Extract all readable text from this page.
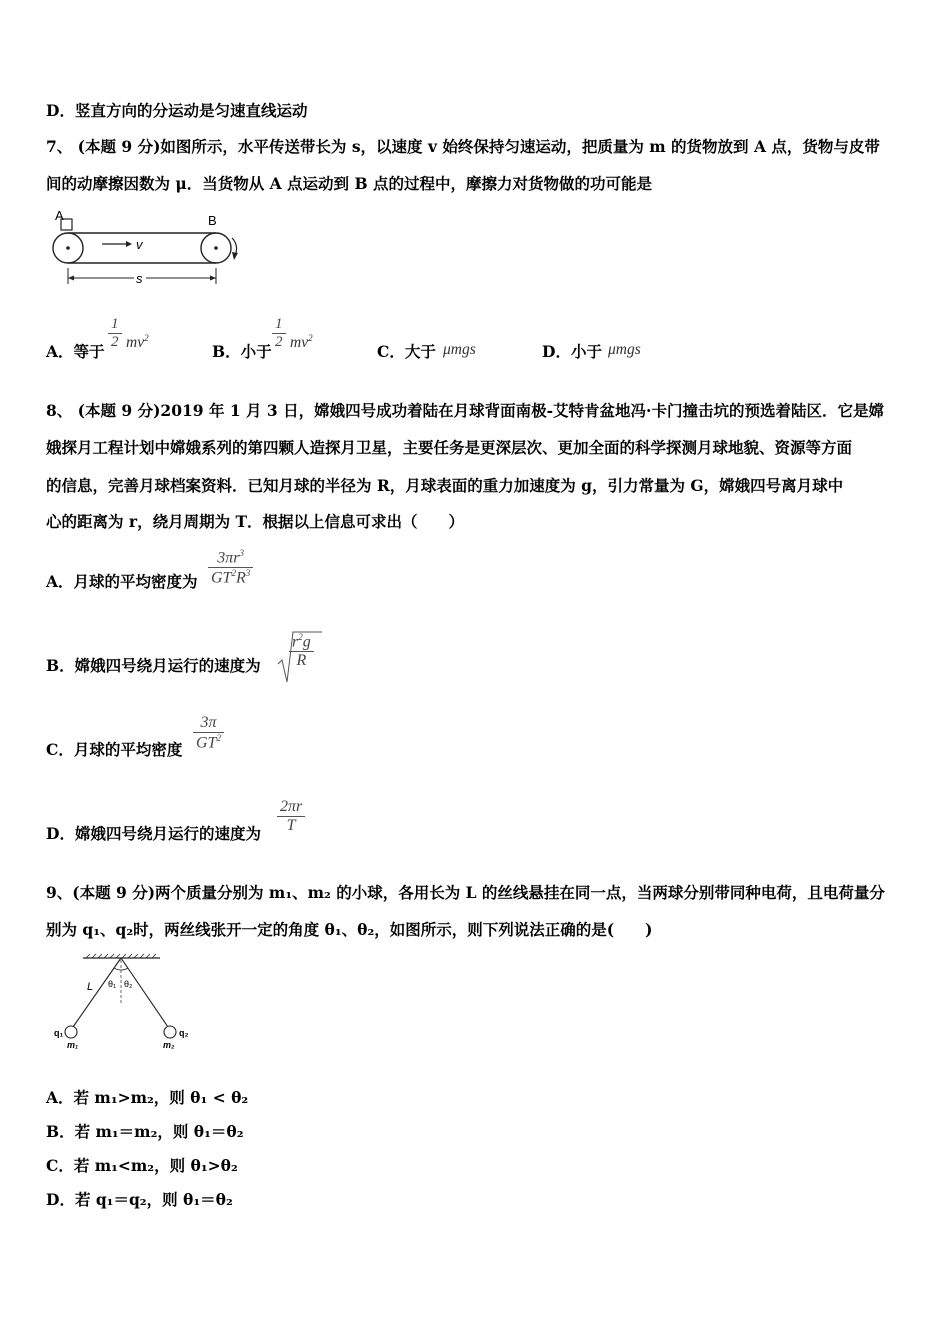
D．竖直方向的分运动是匀速直线运动
7、 (本题 9 分)如图所示，水平传送带长为 s，以速度 v 始终保持匀速运动，把质量为 m 的货物放到 A 点，货物与皮带
间的动摩擦因数为 μ．当货物从 A 点运动到 B 点的过程中，摩擦力对货物做的功可能是
A	B
v
s
A．等于
1
2 $mv^2$
B．小于
1
2 $mv^2$
C．大于 μmgs	D．小于 μmgs
8、 (本题 9 分)2019 年 1 月 3 日，嫦娥四号成功着陆在月球背面南极-艾特肯盆地冯·卡门撞击坑的预选着陆区．它是嫦
娥探月工程计划中嫦娥系列的第四颗人造探月卫星，主要任务是更深层次、更加全面的科学探测月球地貌、资源等方面
的信息，完善月球档案资料．已知月球的半径为 R，月球表面的重力加速度为 g，引力常量为 G，嫦娥四号离月球中
心的距离为 r，绕月周期为 T．根据以上信息可求出（　　）
A．月球的平均密度为
$3\pi r^3$
$GT^2R^3$
B．嫦娥四号绕月运行的速度为
$r^2g$
R
C．月球的平均密度
3π
$GT^2$
D．嫦娥四号绕月运行的速度为
2πr
T
9、(本题 9 分)两个质量分别为 m₁、m₂ 的小球，各用长为 L 的丝线悬挂在同一点，当两球分别带同种电荷，且电荷量分
别为 q₁、q₂时，两丝线张开一定的角度 θ₁、θ₂，如图所示，则下列说法正确的是(　　)
L θ₁ θ₂
q₁	q₂
m₁	m₂
A．若 m₁>m₂，则 θ₁ < θ₂
B．若 m₁＝m₂，则 θ₁＝θ₂
C．若 m₁<m₂，则 θ₁>θ₂
D．若 q₁＝q₂，则 θ₁＝θ₂
